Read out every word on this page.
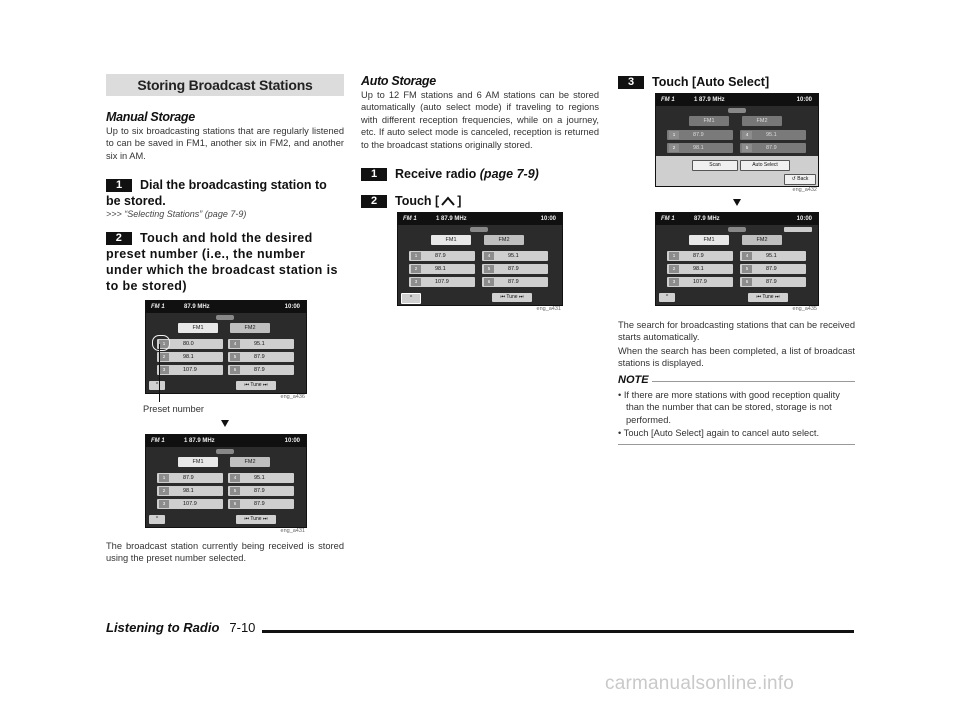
Storing Broadcast Stations
Manual Storage
Up to six broadcasting stations that are regularly listened to can be saved in FM1, another six in FM2, and another six in AM.
1 Dial the broadcasting station to be stored.
>>> “Selecting Stations” (page 7-9)
2 Touch and hold the desired preset number (i.e., the number under which the broadcast station is to be stored)
FM 1	87.9 MHz	10:00
FM1	FM2
1	80.0	4	95.1
2	98.1	5	87.9
3	107.9	6	87.9
^	⏮ Tune ⏭
eng_a436
Preset number
FM 1	1 87.9 MHz	10:00
FM1	FM2
1	87.9	4	95.1
2	98.1	5	87.9
3	107.9	6	87.9
^	⏮ Tune ⏭
eng_a431
The broadcast station currently being received is stored using the preset number selected.
Auto Storage
Up to 12 FM stations and 6 AM stations can be stored automatically (auto select mode) if traveling to regions with different reception frequencies, while on a journey, etc. If auto select mode is canceled, reception is returned to the broadcast stations originally stored.
1 Receive radio (page 7-9)
2 Touch [ ]
FM 1	1 87.9 MHz	10:00
FM1	FM2
1	87.9	4	95.1
2	98.1	5	87.9
3	107.9	6	87.9
^	⏮ Tune ⏭
eng_a431
3 Touch [Auto Select]
FM 1	1 87.9 MHz	10:00
FM1	FM2
1	87.9	4	95.1
2	98.1	5	87.9
Scan	Auto Select
↺ Back
eng_a432
FM 1	87.9 MHz	10:00
FM1	FM2
1	87.9	4	95.1
2	98.1	5	87.9
3	107.9	6	87.9
^	⏮ Tune ⏭
eng_a435
The search for broadcasting stations that can be received starts automatically.
When the search has been completed, a list of broadcast stations is displayed.
NOTE
• If there are more stations with good reception quality than the number that can be stored, storage is not performed.
• Touch [Auto Select] again to cancel auto select.
Listening to Radio 7-10
carmanualsonline.info
